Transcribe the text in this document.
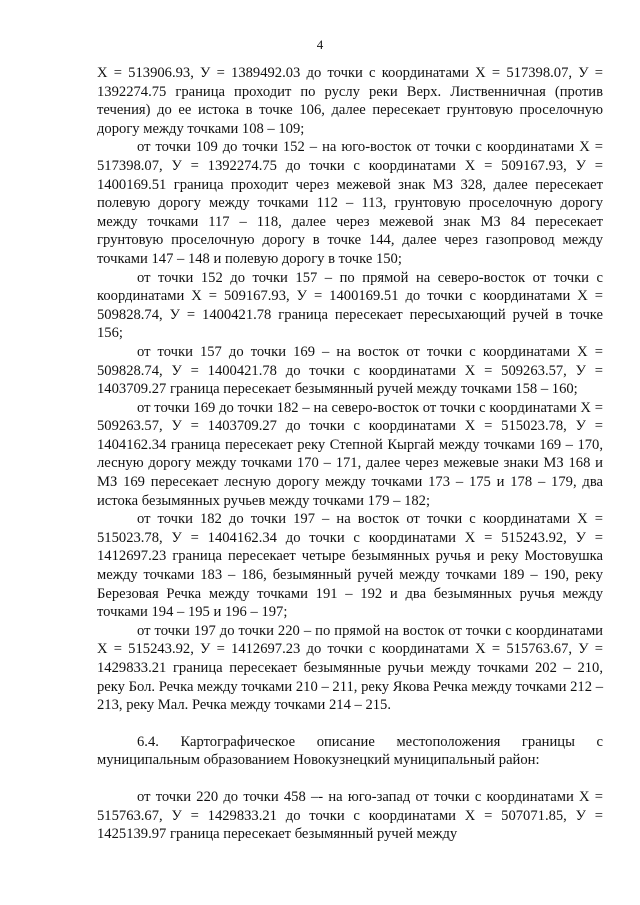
4

Х = 513906.93, У = 1389492.03 до точки с координатами Х = 517398.07, У = 1392274.75 граница проходит по руслу реки Верх. Лиственничная (против течения) до ее истока в точке 106, далее пересекает грунтовую проселочную дорогу между точками 108 – 109;

от точки 109 до точки 152 – на юго-восток от точки с координатами Х = 517398.07, У = 1392274.75 до точки с координатами Х = 509167.93, У = 1400169.51 граница проходит через межевой знак МЗ 328, далее пересекает полевую дорогу между точками 112 – 113, грунтовую проселочную дорогу между точками 117 – 118, далее через межевой знак МЗ 84 пересекает грунтовую проселочную дорогу в точке 144, далее через газопровод между точками 147 – 148 и полевую дорогу в точке 150;

от точки 152 до точки 157 – по прямой на северо-восток от точки с координатами Х = 509167.93, У = 1400169.51 до точки с координатами Х = 509828.74, У = 1400421.78 граница пересекает пересыхающий ручей в точке 156;

от точки 157 до точки 169 – на восток от точки с координатами Х = 509828.74, У = 1400421.78 до точки с координатами Х = 509263.57, У = 1403709.27 граница пересекает безымянный ручей между точками 158 – 160;

от точки 169 до точки 182 – на северо-восток от точки с координатами Х = 509263.57, У = 1403709.27 до точки с координатами Х = 515023.78, У = 1404162.34 граница пересекает реку Степной Кыргай между точками 169 – 170, лесную дорогу между точками 170 – 171, далее через межевые знаки МЗ 168 и МЗ 169 пересекает лесную дорогу между точками 173 – 175 и 178 – 179, два истока безымянных ручьев между точками 179 – 182;

от точки 182 до точки 197 – на восток от точки с координатами Х = 515023.78, У = 1404162.34 до точки с координатами Х = 515243.92, У = 1412697.23 граница пересекает четыре безымянных ручья и реку Мостовушка между точками 183 – 186, безымянный ручей между точками 189 – 190, реку Березовая Речка между точками 191 – 192 и два безымянных ручья между точками 194 – 195 и 196 – 197;

от точки 197 до точки 220 – по прямой на восток от точки с координатами Х = 515243.92, У = 1412697.23 до точки с координатами Х = 515763.67, У = 1429833.21 граница пересекает безымянные ручьи между точками 202 – 210, реку Бол. Речка между точками 210 – 211, реку Якова Речка между точками 212 – 213, реку Мал. Речка между точками 214 – 215.

6.4. Картографическое описание местоположения границы с муниципальным образованием Новокузнецкий муниципальный район:

от точки 220 до точки 458 –- на юго-запад от точки с координатами Х = 515763.67, У = 1429833.21 до точки с координатами Х = 507071.85, У = 1425139.97 граница пересекает безымянный ручей между
